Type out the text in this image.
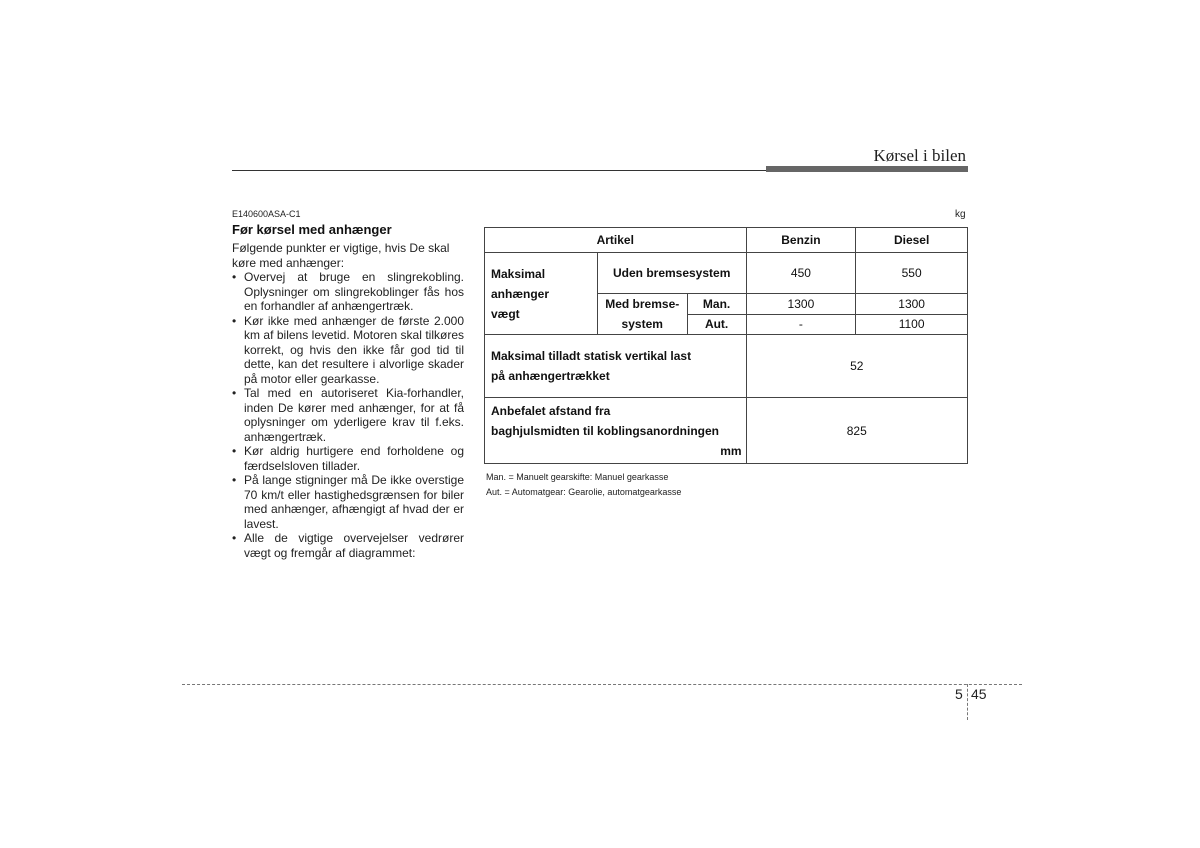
Kørsel i bilen
E140600ASA-C1
Før kørsel med anhænger
Følgende punkter er vigtige, hvis De skal køre med anhænger:
• Overvej at bruge en slingrekobling. Oplysninger om slingrekoblinger fås hos en forhandler af anhængertræk.
• Kør ikke med anhænger de første 2.000 km af bilens levetid. Motoren skal tilkøres korrekt, og hvis den ikke får god tid til dette, kan det resultere i alvorlige skader på motor eller gearkasse.
• Tal med en autoriseret Kia-forhandler, inden De kører med anhænger, for at få oplysninger om yderligere krav til f.eks. anhængertræk.
• Kør aldrig hurtigere end forholdene og færdselsloven tillader.
• På lange stigninger må De ikke overstige 70 km/t eller hastighedsgrænsen for biler med anhænger, afhængigt af hvad der er lavest.
• Alle de vigtige overvejelser vedrører vægt og fremgår af diagrammet:
kg
Artikel			Benzin	Diesel

Maksimal
anhænger
vægt	Uden bremsesystem		450	550

	Med bremse-
system	Man.	1300	1300
		Aut.	-	1100

Maksimal tilladt statisk vertikal last
på anhængertrækket			52	

Anbefalet afstand fra
baghjulsmidten til koblingsanordningen
mm			825	
Man. = Manuelt gearskifte: Manuel gearkasse
Aut. = Automatgear: Gearolie, automatgearkasse
5 45
